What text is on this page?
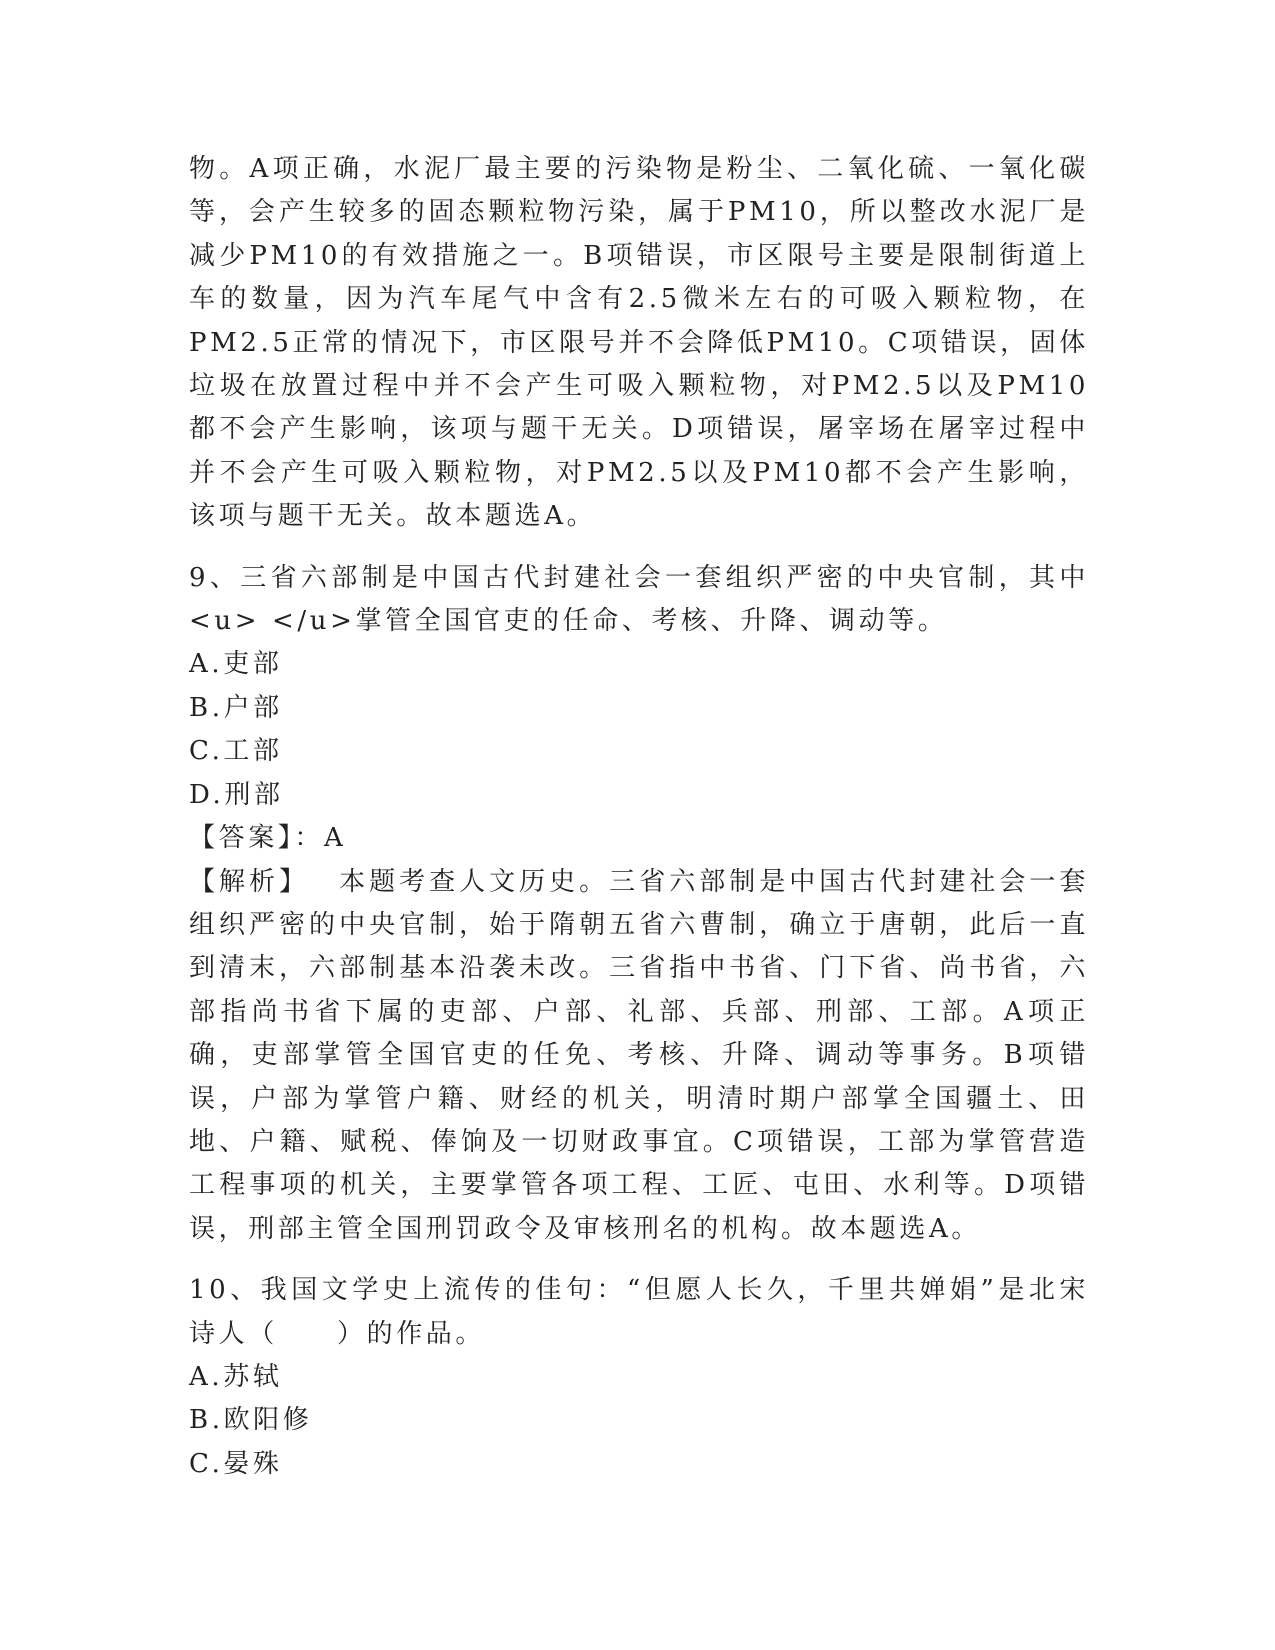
物。A项正确，水泥厂最主要的污染物是粉尘、二氧化硫、一氧化碳等，会产生较多的固态颗粒物污染，属于PM10，所以整改水泥厂是减少PM10的有效措施之一。B项错误，市区限号主要是限制街道上车的数量，因为汽车尾气中含有2.5微米左右的可吸入颗粒物，在PM2.5正常的情况下，市区限号并不会降低PM10。C项错误，固体垃圾在放置过程中并不会产生可吸入颗粒物，对PM2.5以及PM10都不会产生影响，该项与题干无关。D项错误，屠宰场在屠宰过程中并不会产生可吸入颗粒物，对PM2.5以及PM10都不会产生影响，该项与题干无关。故本题选A。

9、三省六部制是中国古代封建社会一套组织严密的中央官制，其中<u> </u>掌管全国官吏的任命、考核、升降、调动等。

A.吏部

B.户部

C.工部

D.刑部

【答案】：A

【解析】 本题考查人文历史。三省六部制是中国古代封建社会一套组织严密的中央官制，始于隋朝五省六曹制，确立于唐朝，此后一直到清末，六部制基本沿袭未改。三省指中书省、门下省、尚书省，六部指尚书省下属的吏部、户部、礼部、兵部、刑部、工部。A项正确，吏部掌管全国官吏的任免、考核、升降、调动等事务。B项错误，户部为掌管户籍、财经的机关，明清时期户部掌全国疆土、田地、户籍、赋税、俸饷及一切财政事宜。C项错误，工部为掌管营造工程事项的机关，主要掌管各项工程、工匠、屯田、水利等。D项错误，刑部主管全国刑罚政令及审核刑名的机构。故本题选A。

10、我国文学史上流传的佳句：“但愿人长久，千里共婵娟”是北宋诗人（　　）的作品。

A.苏轼

B.欧阳修

C.晏殊
